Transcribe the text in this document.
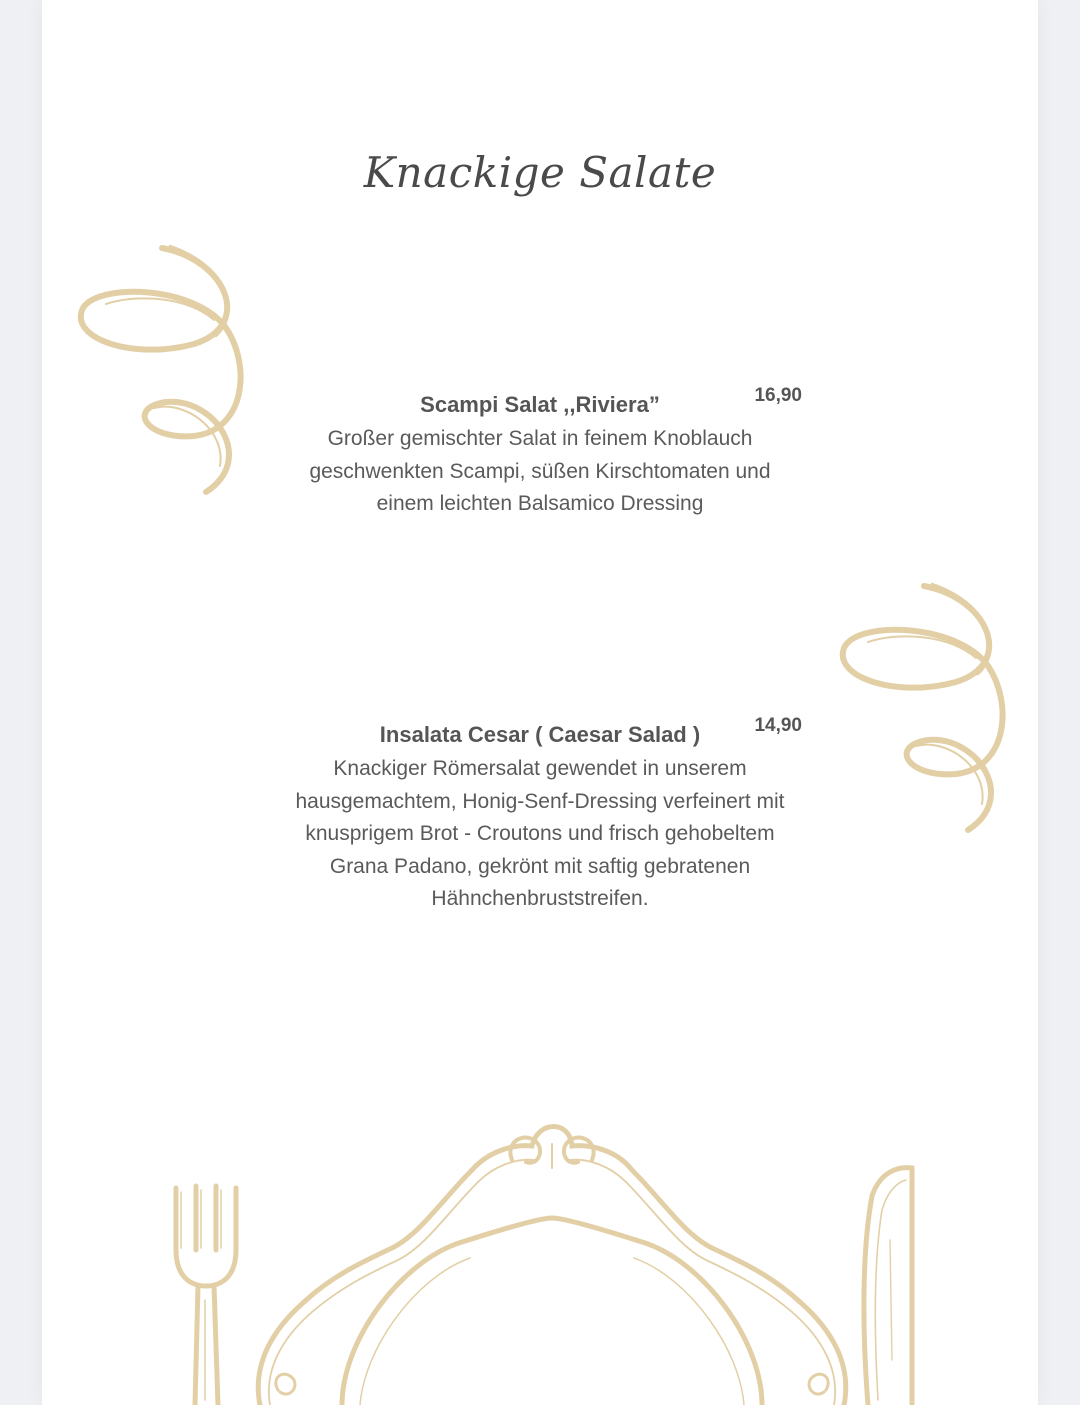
Knackige Salate
Scampi Salat ,,Riviera”	16,90

Großer gemischter Salat in feinem Knoblauch geschwenkten Scampi, süßen Kirschtomaten und einem leichten Balsamico Dressing

Insalata Cesar ( Caesar Salad )	14,90

Knackiger Römersalat gewendet in unserem hausgemachtem, Honig-Senf-Dressing verfeinert mit knusprigem Brot - Croutons und frisch gehobeltem Grana Padano, gekrönt mit saftig gebratenen Hähnchenbruststreifen.
